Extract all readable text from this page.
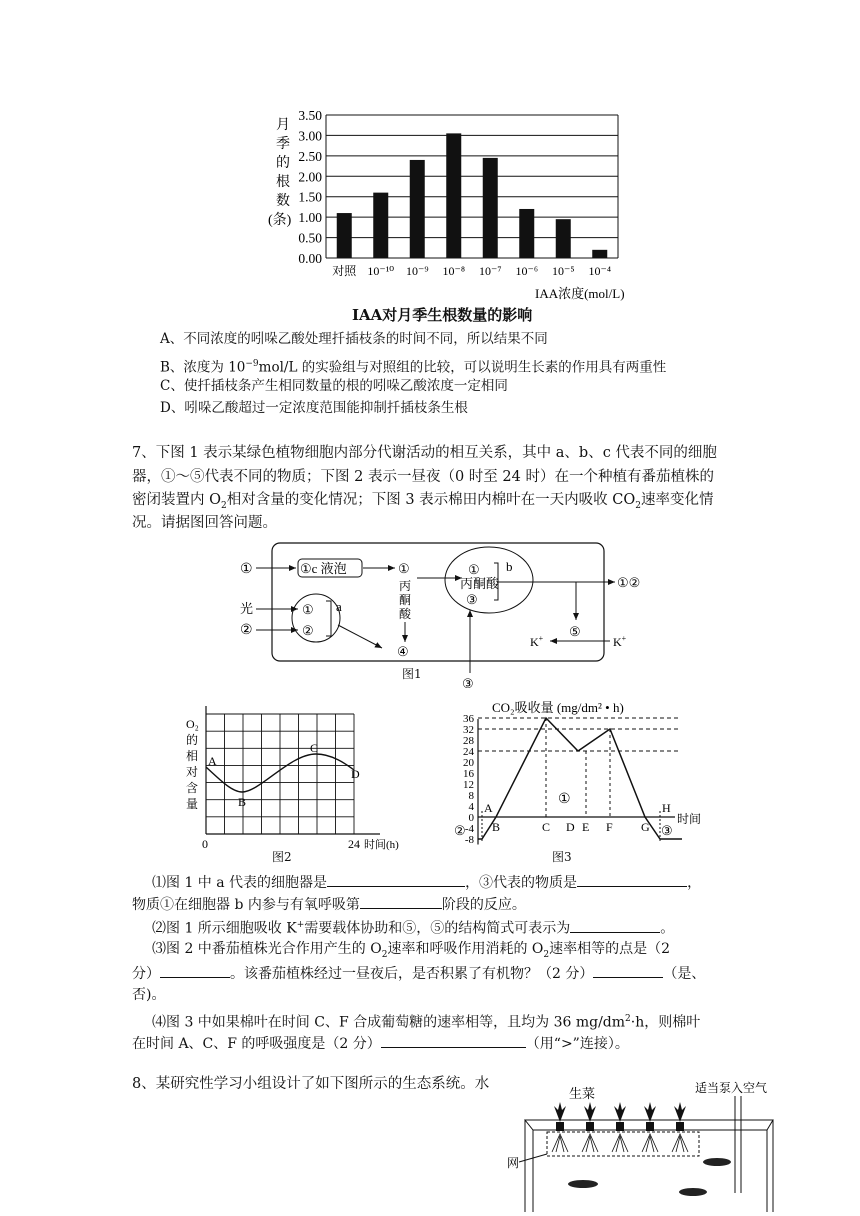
月
季
的
根
数
(条)
3.50
3.00
2.50
2.00
1.50
1.00
0.50
0.00
对照 10⁻¹⁰ 10⁻⁹ 10⁻⁸ 10⁻⁷ 10⁻⁶ 10⁻⁵ 10⁻⁴
IAA浓度(mol/L)
IAA对月季生根数量的影响
A、不同浓度的吲哚乙酸处理扦插枝条的时间不同，所以结果不同
B、浓度为 $10^{-9}mol/L$ 的实验组与对照组的比较，可以说明生长素的作用具有两重性
C、使扦插枝条产生相同数量的根的吲哚乙酸浓度一定相同
D、吲哚乙酸超过一定浓度范围能抑制扦插枝条生根
7、下图 1 表示某绿色植物细胞内部分代谢活动的相互关系，其中 a、b、c 代表不同的细胞
器，①～⑤代表不同的物质；下图 2 表示一昼夜（0 时至 24 时）在一个种植有番茄植株的
密闭装置内 $O_2$相对含量的变化情况；下图 3 表示棉田内棉叶在一天内吸收 $CO_2$速率变化情
况。请据图回答问题。
①	①c 液泡	①
丙
酮
酸
④
① b
丙酮酸
③
①②
⑤
K+
K+
③
①
②
a
光
②
图1
O₂
的
相
对
含
量
A
B
C
D
0	24 时间(h)
图2
CO₂吸收量 (mg/dm² • h)
36
32
28
24
20
16
12
8
4
0
-4
-8
A
B	C D E F G
H
①
②	③
时间
图3
⑴图 1 中 a 代表的细胞器是	，③代表的物质是	，
物质①在细胞器 b 内参与有氧呼吸第	阶段的反应。
⑵图 1 所示细胞吸收 K+需要载体协助和⑤，⑤的结构简式可表示为	。
⑶图 2 中番茄植株光合作用产生的 $O_2$速率和呼吸作用消耗的 $O_2$速率相等的点是（2
分）	。该番茄植株经过一昼夜后，是否积累了有机物？（2 分）	（是、
否)。
⑷图 3 中如果棉叶在时间 C、F 合成葡萄糖的速率相等，且均为 36 $mg/dm^2\cdot h$，则棉叶
在时间 A、C、F 的呼吸强度是（2 分）	（用“>”连接）。
8、某研究性学习小组设计了如下图所示的生态系统。水
生菜	适当泵入空气
网
